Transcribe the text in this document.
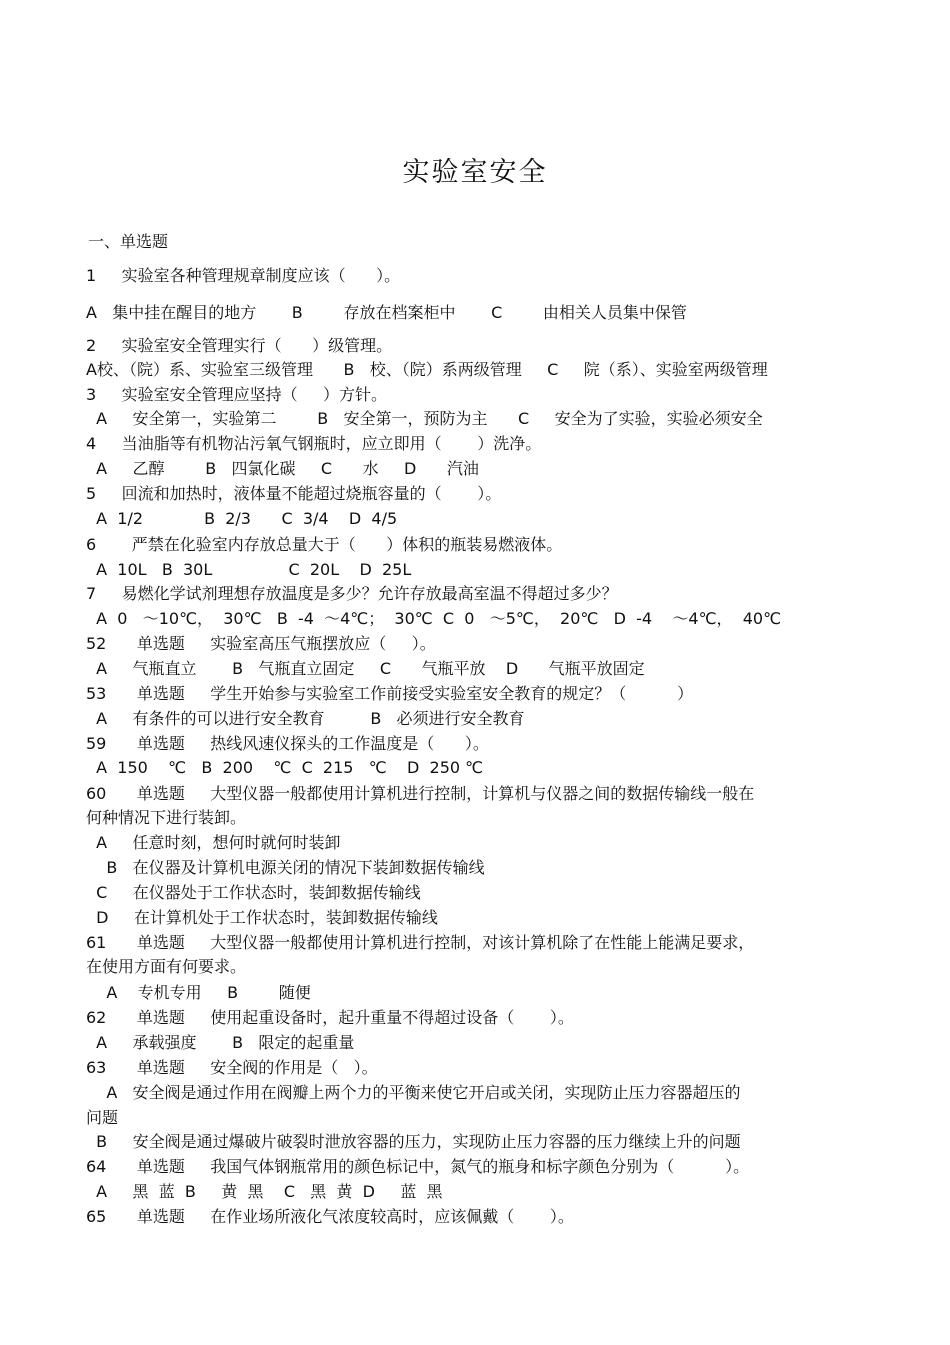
实验室安全
一、单选题
1     实验室各种管理规章制度应该（      ）。
A   集中挂在醒目的地方       B        存放在档案柜中       C        由相关人员集中保管
2     实验室安全管理实行（      ）级管理。
A校、（院）系、实验室三级管理      B   校、（院）系两级管理     C     院（系）、实验室两级管理
3     实验室安全管理应坚持（     ）方针。
A     安全第一，实验第二        B   安全第一，预防为主      C     安全为了实验，实验必须安全
4     当油脂等有机物沾污氧气钢瓶时，应立即用（       ）洗净。
A     乙醇        B   四氯化碳     C      水     D      汽油
5     回流和加热时，液体量不能超过烧瓶容量的（       ）。
A  1/2            B  2/3      C  3/4    D  4/5
6       严禁在化验室内存放总量大于（      ）体积的瓶装易燃液体。
A  10L   B  30L               C  20L    D  25L
7     易燃化学试剂理想存放温度是多少？允许存放最高室温不得超过多少？
A  0   ～10℃，  30℃   B  -4  ～4℃；  30℃  C  0   ～5℃，  20℃   D  -4    ～4℃，  40℃
52      单选题     实验室高压气瓶摆放应（     ）。
A     气瓶直立       B   气瓶直立固定     C      气瓶平放    D      气瓶平放固定
53      单选题     学生开始参与实验室工作前接受实验室安全教育的规定？（          ）
A     有条件的可以进行安全教育         B   必须进行安全教育
59      单选题     热线风速仪探头的工作温度是（      ）。
A  150    ℃   B  200    ℃  C  215   ℃    D  250 ℃
60      单选题     大型仪器一般都使用计算机进行控制，计算机与仪器之间的数据传输线一般在
何种情况下进行装卸。
A     任意时刻，想何时就何时装卸
B   在仪器及计算机电源关闭的情况下装卸数据传输线
C     在仪器处于工作状态时，装卸数据传输线
D     在计算机处于工作状态时，装卸数据传输线
61      单选题     大型仪器一般都使用计算机进行控制，对该计算机除了在性能上能满足要求，
在使用方面有何要求。
A    专机专用     B        随便
62      单选题     使用起重设备时，起升重量不得超过设备（       ）。
A     承载强度       B   限定的起重量
63      单选题     安全阀的作用是（   ）。
A   安全阀是通过作用在阀瓣上两个力的平衡来使它开启或关闭，实现防止压力容器超压的
问题
B     安全阀是通过爆破片破裂时泄放容器的压力，实现防止压力容器的压力继续上升的问题
64      单选题     我国气体钢瓶常用的颜色标记中，氮气的瓶身和标字颜色分别为（          ）。
A     黑  蓝  B     黄  黑    C   黑  黄  D     蓝  黑
65      单选题     在作业场所液化气浓度较高时，应该佩戴（       ）。
